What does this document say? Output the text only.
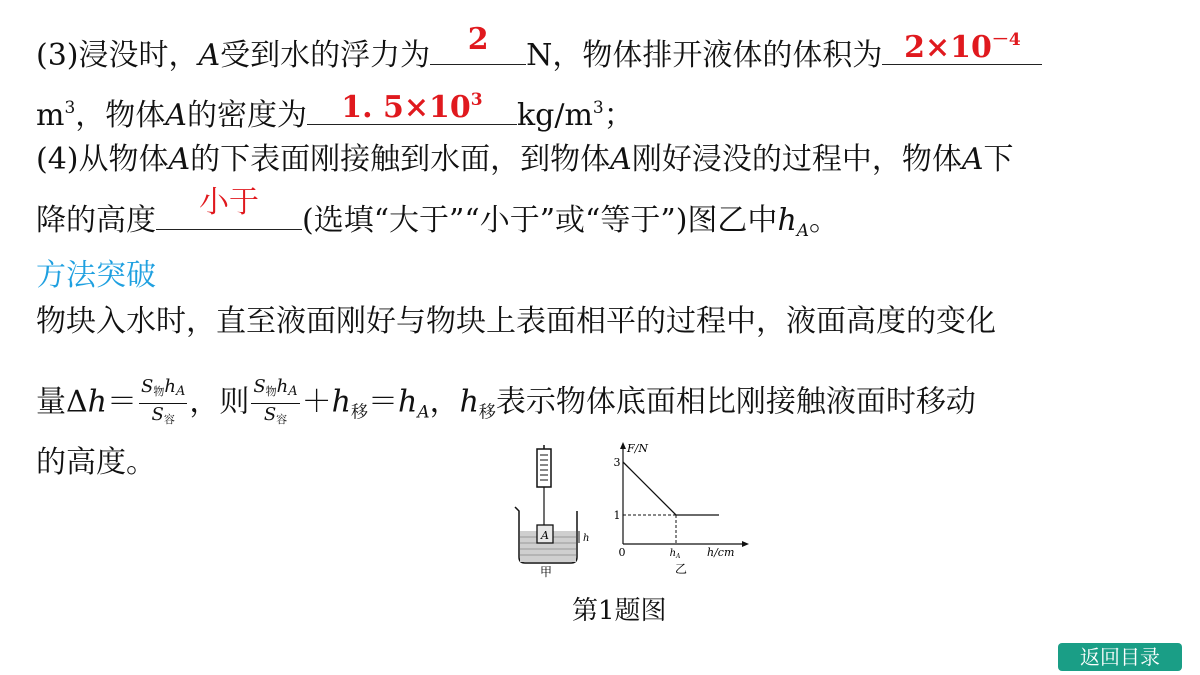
(3)浸没时，A受到水的浮力为	2	N，物体排开液体的体积为 $2\times 10^{-4}$
$m^3$，物体A的密度为	1. $5\times 10^3$	$kg/m^3$；
(4)从物体A的下表面刚接触到水面，到物体A刚好浸没的过程中，物体A下
降的高度
小于
(选填“大于”“小于”或“等于”)图乙中$h_A$。
方法突破
物块入水时，直至液面刚好与物块上表面相平的过程中，液面高度的变化
量$\Delta h= \frac{S_物h_A}{S_容}$ ，则 $\frac{S_物h_A}{S_容} +h_移=h_A$，$h_移$表示物体底面相比刚接触液面时移动
的高度。
A	h
甲
F/N
h/cm
0
3
1
$h_A$
乙
第1题图
返回目录
